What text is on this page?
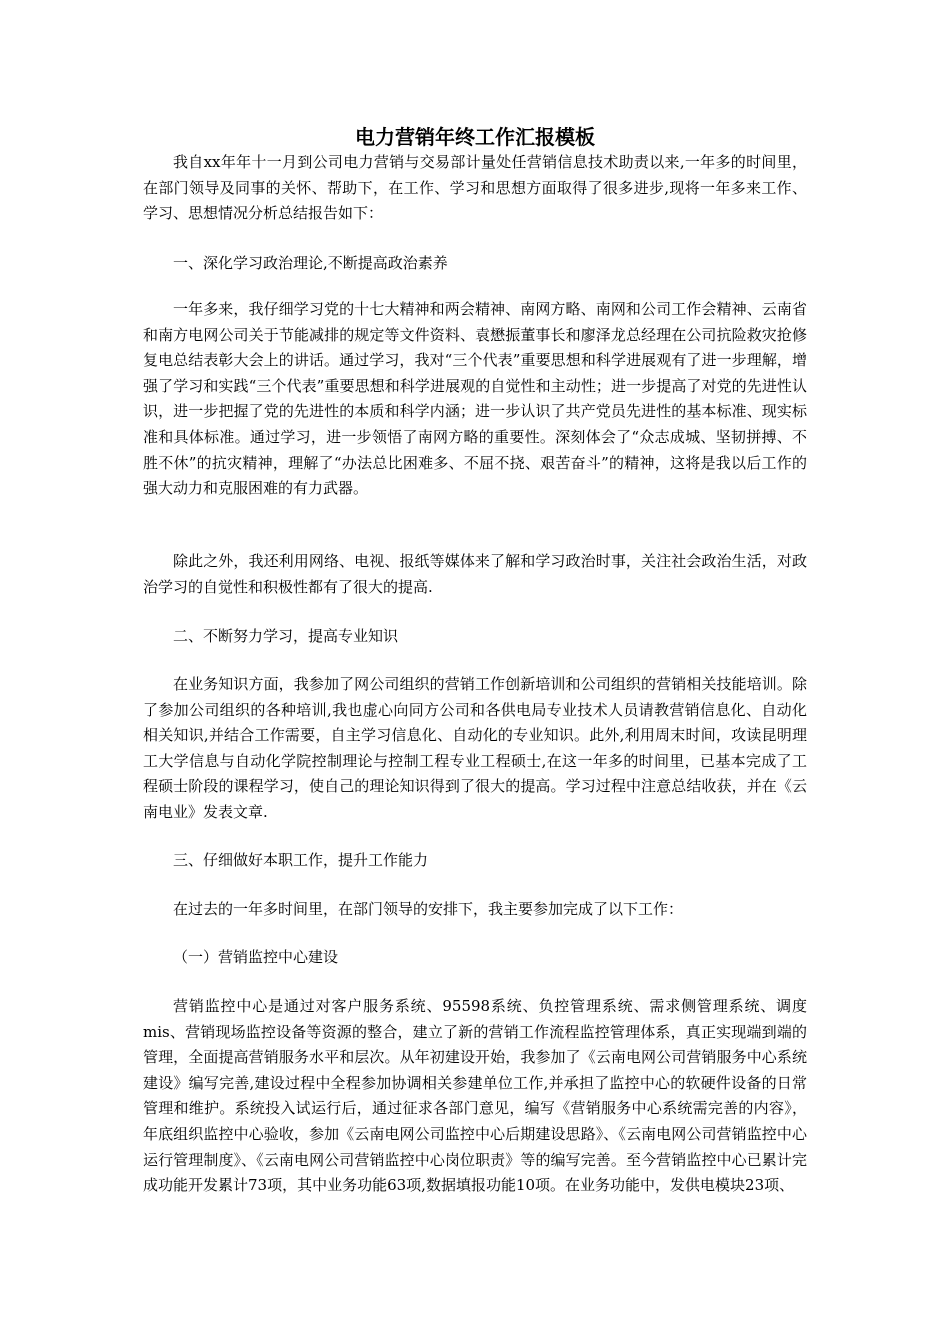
电力营销年终工作汇报模板

我自xx年年十一月到公司电力营销与交易部计量处任营销信息技术助责以来,一年多的时间里，在部门领导及同事的关怀、帮助下，在工作、学习和思想方面取得了很多进步,现将一年多来工作、学习、思想情况分析总结报告如下：

一、深化学习政治理论,不断提高政治素养

一年多来，我仔细学习党的十七大精神和两会精神、南网方略、南网和公司工作会精神、云南省和南方电网公司关于节能减排的规定等文件资料、袁懋振董事长和廖泽龙总经理在公司抗险救灾抢修复电总结表彰大会上的讲话。通过学习，我对“三个代表”重要思想和科学进展观有了进一步理解，增强了学习和实践“三个代表”重要思想和科学进展观的自觉性和主动性；进一步提高了对党的先进性认识，进一步把握了党的先进性的本质和科学内涵；进一步认识了共产党员先进性的基本标准、现实标准和具体标准。通过学习，进一步领悟了南网方略的重要性。深刻体会了“众志成城、坚韧拼搏、不胜不休”的抗灾精神，理解了“办法总比困难多、不屈不挠、艰苦奋斗”的精神，这将是我以后工作的强大动力和克服困难的有力武器。

除此之外，我还利用网络、电视、报纸等媒体来了解和学习政治时事，关注社会政治生活，对政治学习的自觉性和积极性都有了很大的提高.

二、不断努力学习，提高专业知识

在业务知识方面，我参加了网公司组织的营销工作创新培训和公司组织的营销相关技能培训。除了参加公司组织的各种培训,我也虚心向同方公司和各供电局专业技术人员请教营销信息化、自动化相关知识,并结合工作需要，自主学习信息化、自动化的专业知识。此外,利用周末时间，攻读昆明理工大学信息与自动化学院控制理论与控制工程专业工程硕士,在这一年多的时间里，已基本完成了工程硕士阶段的课程学习，使自己的理论知识得到了很大的提高。学习过程中注意总结收获，并在《云南电业》发表文章.

三、仔细做好本职工作，提升工作能力

在过去的一年多时间里，在部门领导的安排下，我主要参加完成了以下工作：

（一）营销监控中心建设

营销监控中心是通过对客户服务系统、95598系统、负控管理系统、需求侧管理系统、调度mis、营销现场监控设备等资源的整合，建立了新的营销工作流程监控管理体系，真正实现端到端的管理，全面提高营销服务水平和层次。从年初建设开始，我参加了《云南电网公司营销服务中心系统建设》编写完善,建设过程中全程参加协调相关参建单位工作,并承担了监控中心的软硬件设备的日常管理和维护。系统投入试运行后，通过征求各部门意见，编写《营销服务中心系统需完善的内容》，年底组织监控中心验收，参加《云南电网公司监控中心后期建设思路》、《云南电网公司营销监控中心运行管理制度》、《云南电网公司营销监控中心岗位职责》等的编写完善。至今营销监控中心已累计完成功能开发累计73项，其中业务功能63项,数据填报功能10项。在业务功能中，发供电模块23项、
